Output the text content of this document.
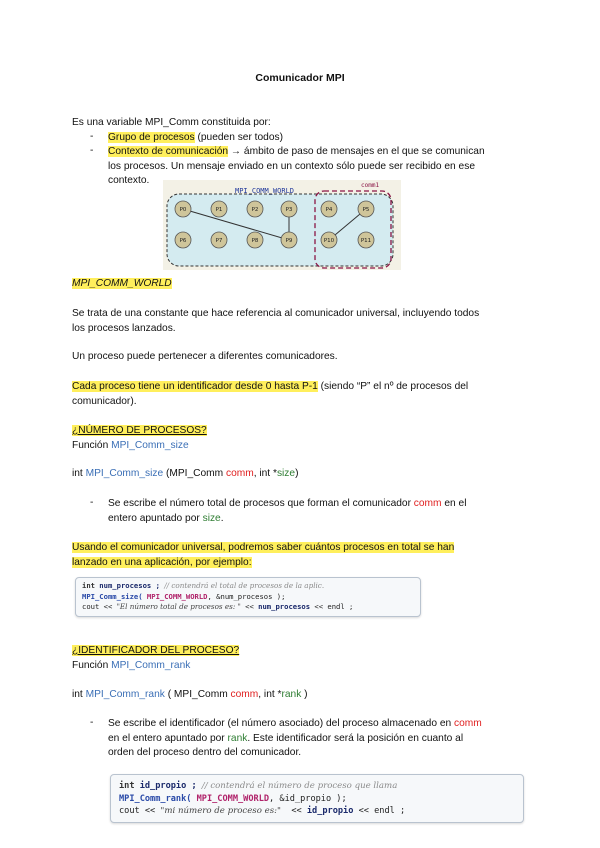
Comunicador MPI
Es una variable MPI_Comm constituida por:
- Grupo de procesos (pueden ser todos)
- Contexto de comunicación → ámbito de paso de mensajes en el que se comunican
los procesos. Un mensaje enviado en un contexto sólo puede ser recibido en ese
contexto.
MPI_COMM_WORLD
comm1
P0	P1	P2	P3	P4	P5
P6	P7	P8	P9	P10	P11
MPI_COMM_WORLD
Se trata de una constante que hace referencia al comunicador universal, incluyendo todos
los procesos lanzados.
Un proceso puede pertenecer a diferentes comunicadores.
Cada proceso tiene un identificador desde 0 hasta P-1 (siendo “P” el nº de procesos del
comunicador).
¿NÚMERO DE PROCESOS?
Función MPI_Comm_size
int MPI_Comm_size (MPI_Comm comm, int *size)
- Se escribe el número total de procesos que forman el comunicador comm en el
entero apuntado por size.
Usando el comunicador universal, podremos saber cuántos procesos en total se han
lanzado en una aplicación, por ejemplo:
int num_procesos ; // contendrá el total de procesos de la aplic.
MPI_Comm_size( MPI_COMM_WORLD, &num_procesos );
cout << "El número total de procesos es: " << num_procesos << endl ;
¿IDENTIFICADOR DEL PROCESO?
Función MPI_Comm_rank
int MPI_Comm_rank ( MPI_Comm comm, int *rank )
- Se escribe el identificador (el número asociado) del proceso almacenado en comm
en el entero apuntado por rank. Este identificador será la posición en cuanto al
orden del proceso dentro del comunicador.
int id_propio ; // contendrá el número de proceso que llama
MPI_Comm_rank( MPI_COMM_WORLD, &id_propio );
cout << "mi número de proceso es:"  << id_propio << endl ;
